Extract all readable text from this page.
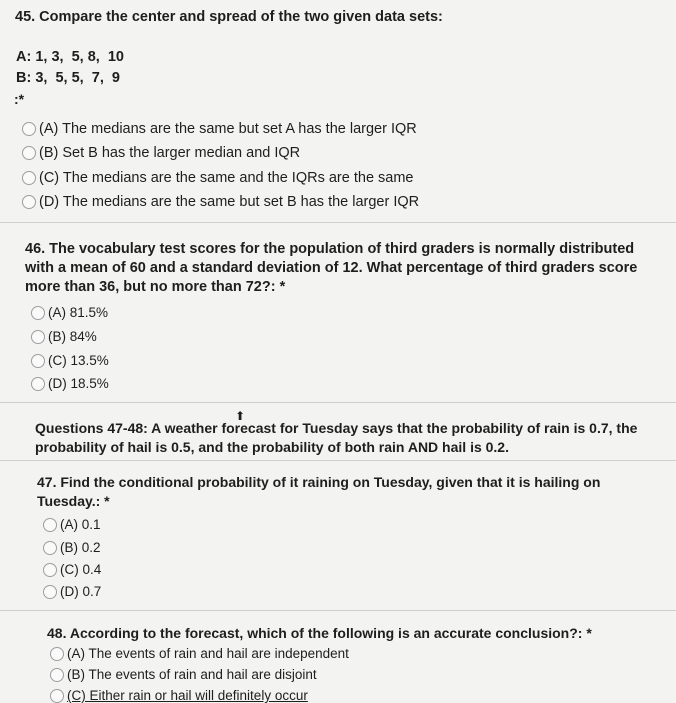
45. Compare the center and spread of the two given data sets:
A: 1, 3,  5, 8,  10
B: 3,  5, 5,  7,  9
:*
(A) The medians are the same but set A has the larger IQR
(B) Set B has the larger median and IQR
(C) The medians are the same and the IQRs are the same
(D) The medians are the same but set B has the larger IQR
46. The vocabulary test scores for the population of third graders is normally distributed
with a mean of 60 and a standard deviation of 12. What percentage of third graders score
more than 36, but no more than 72?: *
(A) 81.5%
(B) 84%
(C) 13.5%
(D) 18.5%
⬆
Questions 47-48: A weather forecast for Tuesday says that the probability of rain is 0.7, the
probability of hail is 0.5, and the probability of both rain AND hail is 0.2.
47. Find the conditional probability of it raining on Tuesday, given that it is hailing on
Tuesday.: *
(A) 0.1
(B) 0.2
(C) 0.4
(D) 0.7
48. According to the forecast, which of the following is an accurate conclusion?: *
(A) The events of rain and hail are independent
(B) The events of rain and hail are disjoint
(C) Either rain or hail will definitely occur
